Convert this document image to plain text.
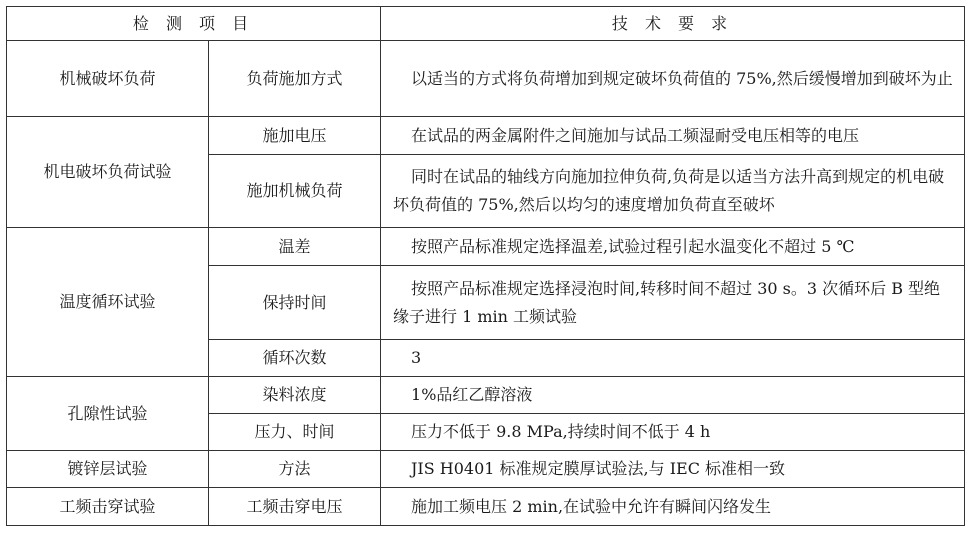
检 测 项 目		技 术 要 求
机械破坏负荷	负荷施加方式	以适当的方式将负荷增加到规定破坏负荷值的 75%,然后缓慢增加到破坏为止

机电破坏负荷试验	施加电压	在试品的两金属附件之间施加与试品工频湿耐受电压相等的电压

	施加机械负荷	同时在试品的轴线方向施加拉伸负荷,负荷是以适当方法升高到规定的机电破坏负荷值的 75%,然后以均匀的速度增加负荷直至破坏

温度循环试验	温差	按照产品标准规定选择温差,试验过程引起水温变化不超过 5 ℃

	保持时间	按照产品标准规定选择浸泡时间,转移时间不超过 30 s。3 次循环后 B 型绝缘子进行 1 min 工频试验

	循环次数	3

孔隙性试验	染料浓度	1%品红乙醇溶液

	压力、时间	压力不低于 9.8 MPa,持续时间不低于 4 h

镀锌层试验	方法	JIS H0401 标准规定膜厚试验法,与 IEC 标准相一致

工频击穿试验	工频击穿电压	施加工频电压 2 min,在试验中允许有瞬间闪络发生
